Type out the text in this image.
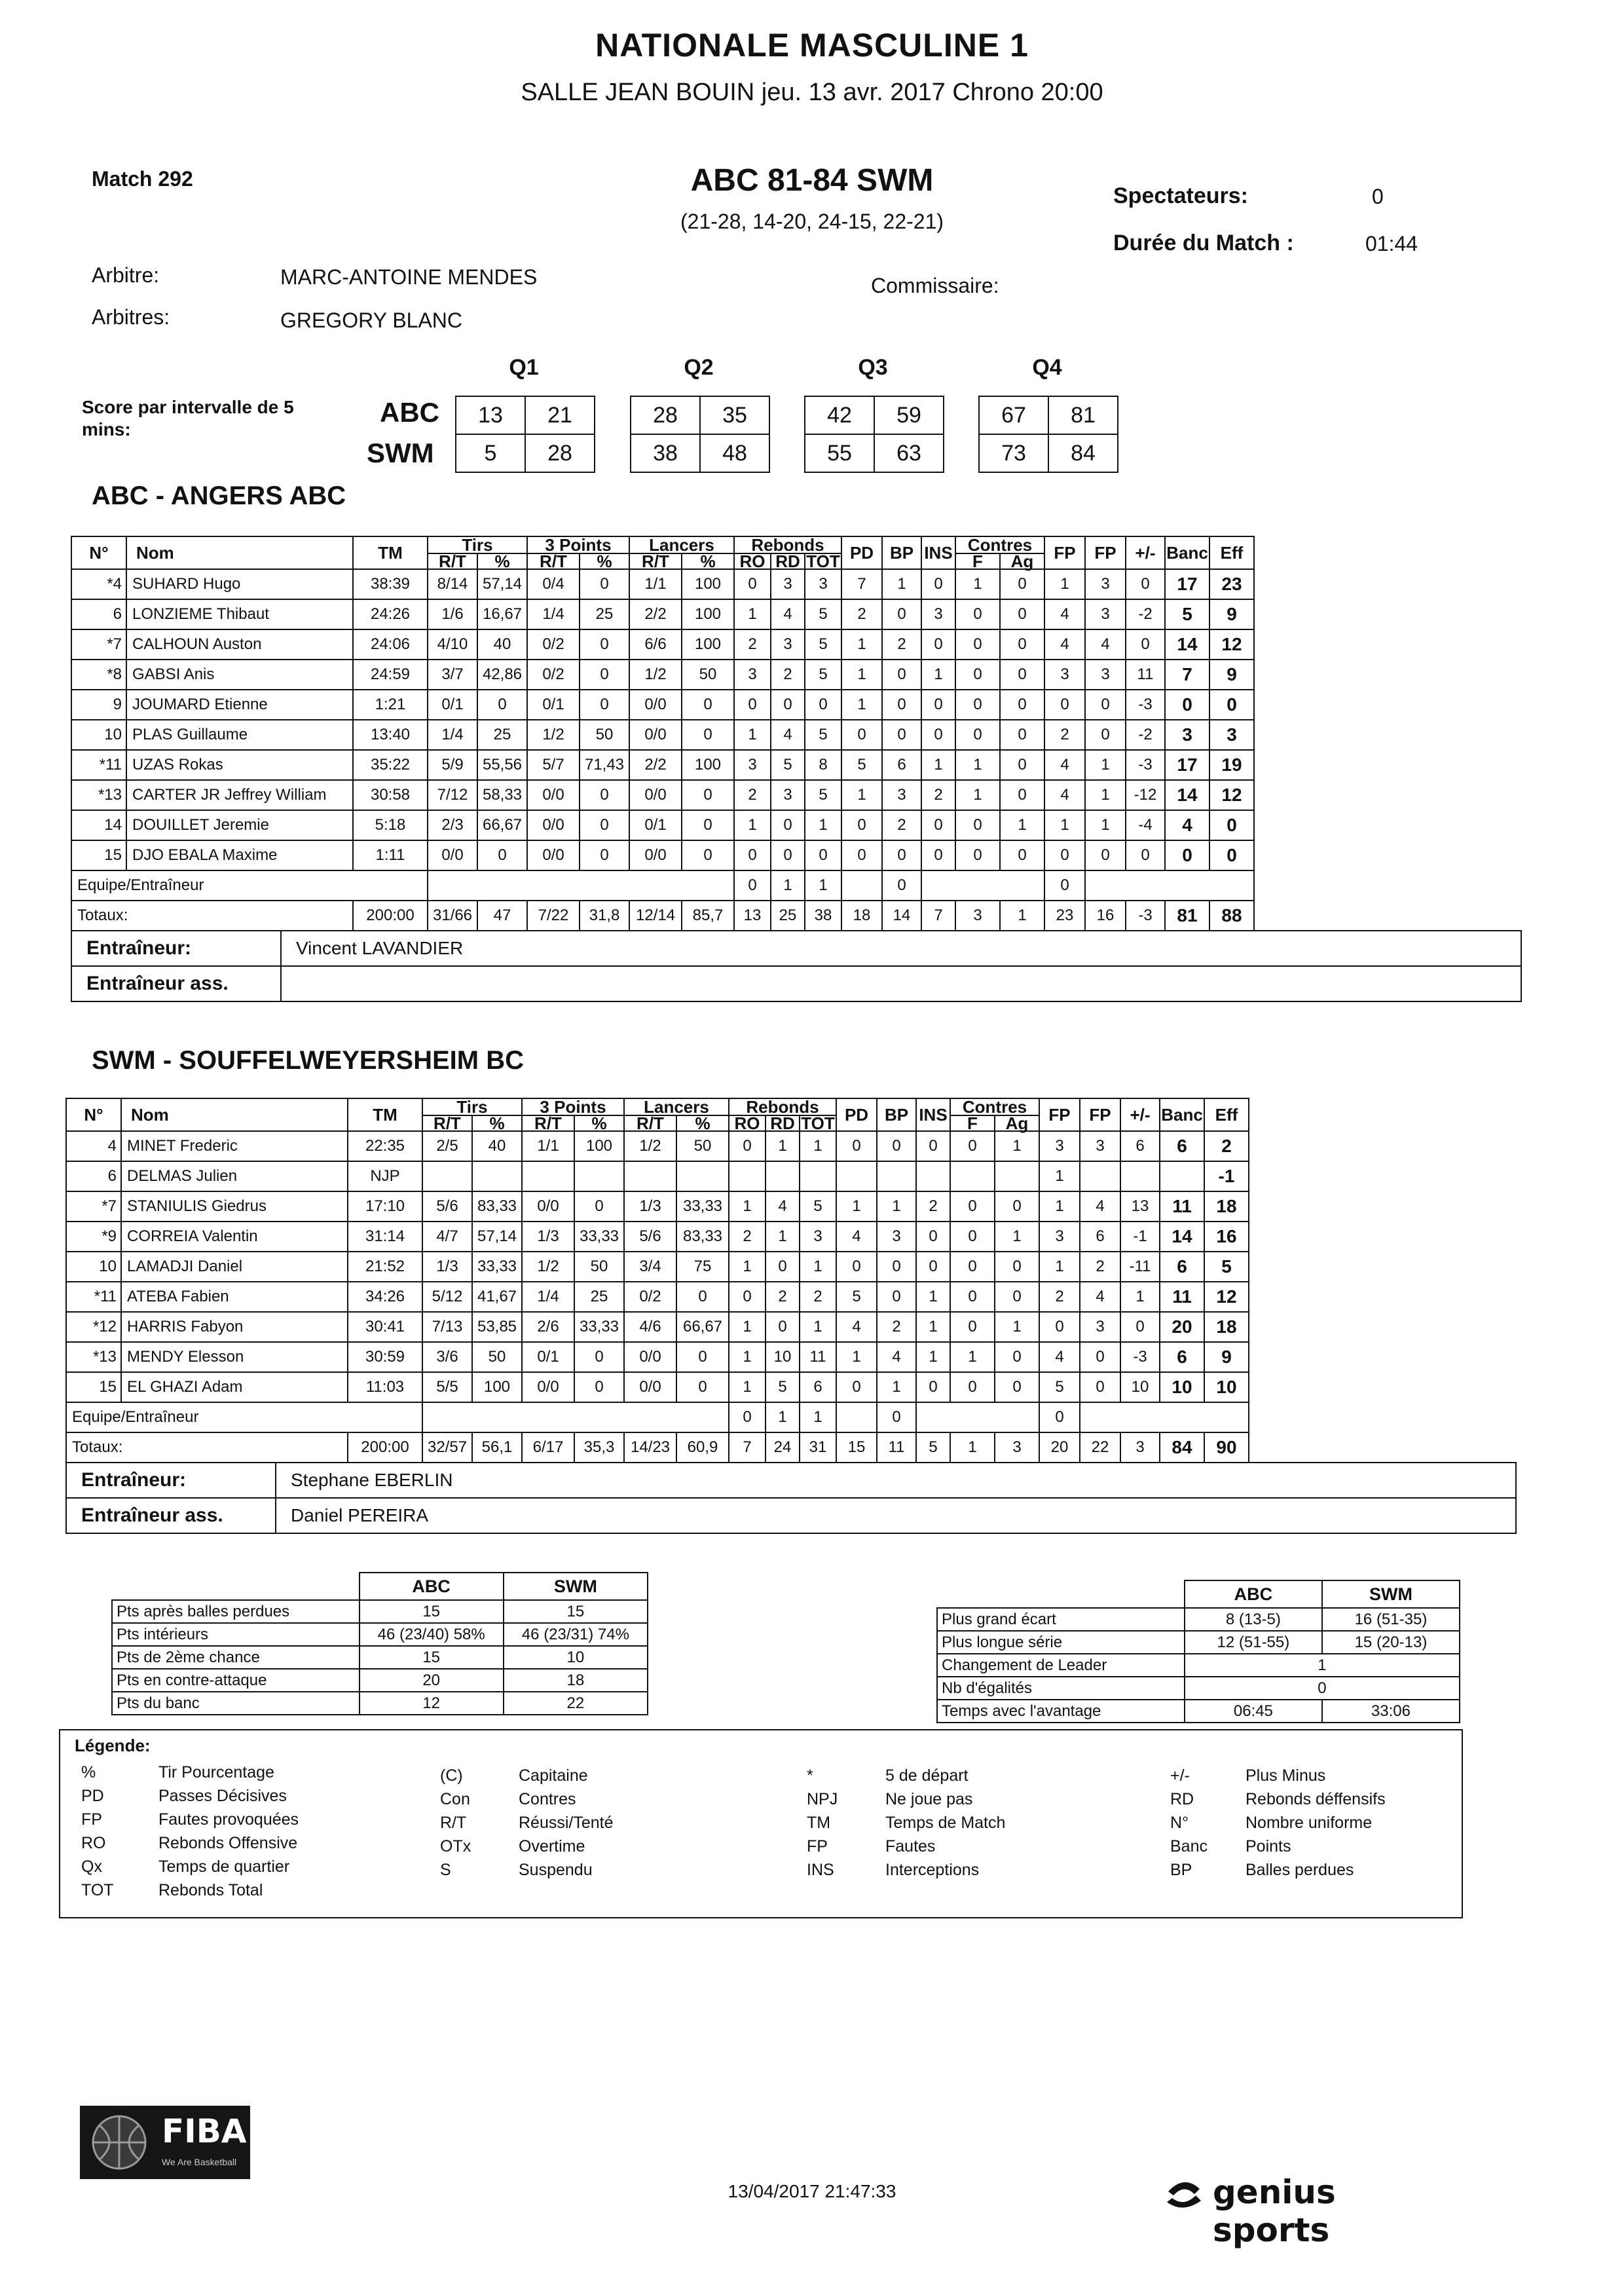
NATIONALE MASCULINE 1
SALLE JEAN BOUIN jeu. 13 avr. 2017 Chrono 20:00
Match 292	ABC 81-84 SWM
(21-28, 14-20, 24-15, 22-21)
Spectateurs:	0
Durée du Match :	01:44
Arbitre:	MARC-ANTOINE MENDES	Commissaire:
Arbitres:	GREGORY BLANC
Score par intervalle de 5
mins:
ABC
SWM
Q1
13	21
5	28
Q2
28	35
38	48
Q3
42	59
55	63
Q4
67	81
73	84
ABC - ANGERS ABC
N°	Nom	TM	Tirs		3 Points		Lancers		Rebonds			PD	BP	INS	Contres		FP	FP	+/-	Banc	Eff
			R/T	%	R/T	%	R/T	%	RO	RD	TOT				F	Ag					
*4	SUHARD Hugo	38:39	8/14	57,14	0/4	0	1/1	100	0	3	3	7	1	0	1	0	1	3	0	17	23
6	LONZIEME Thibaut	24:26	1/6	16,67	1/4	25	2/2	100	1	4	5	2	0	3	0	0	4	3	-2	5	9
*7	CALHOUN Auston	24:06	4/10	40	0/2	0	6/6	100	2	3	5	1	2	0	0	0	4	4	0	14	12
*8	GABSI Anis	24:59	3/7	42,86	0/2	0	1/2	50	3	2	5	1	0	1	0	0	3	3	11	7	9
9	JOUMARD Etienne	1:21	0/1	0	0/1	0	0/0	0	0	0	0	1	0	0	0	0	0	0	-3	0	0
10	PLAS Guillaume	13:40	1/4	25	1/2	50	0/0	0	1	4	5	0	0	0	0	0	2	0	-2	3	3
*11	UZAS Rokas	35:22	5/9	55,56	5/7	71,43	2/2	100	3	5	8	5	6	1	1	0	4	1	-3	17	19
*13	CARTER JR Jeffrey William	30:58	7/12	58,33	0/0	0	0/0	0	2	3	5	1	3	2	1	0	4	1	-12	14	12
14	DOUILLET Jeremie	5:18	2/3	66,67	0/0	0	0/1	0	1	0	1	0	2	0	0	1	1	1	-4	4	0
15	DJO EBALA Maxime	1:11	0/0	0	0/0	0	0/0	0	0	0	0	0	0	0	0	0	0	0	0	0	0
Equipe/Entraîneur									0	1	1		0				0				
Totaux:		200:00	31/66	47	7/22	31,8	12/14	85,7	13	25	38	18	14	7	3	1	23	16	-3	81	88
Entraîneur:	Vincent LAVANDIER
Entraîneur ass.	
SWM - SOUFFELWEYERSHEIM BC
N°	Nom	TM	Tirs		3 Points		Lancers		Rebonds			PD	BP	INS	Contres		FP	FP	+/-	Banc	Eff
			R/T	%	R/T	%	R/T	%	RO	RD	TOT				F	Ag					
4	MINET Frederic	22:35	2/5	40	1/1	100	1/2	50	0	1	1	0	0	0	0	1	3	3	6	6	2
6	DELMAS Julien	NJP															1				-1
*7	STANIULIS Giedrus	17:10	5/6	83,33	0/0	0	1/3	33,33	1	4	5	1	1	2	0	0	1	4	13	11	18
*9	CORREIA Valentin	31:14	4/7	57,14	1/3	33,33	5/6	83,33	2	1	3	4	3	0	0	1	3	6	-1	14	16
10	LAMADJI Daniel	21:52	1/3	33,33	1/2	50	3/4	75	1	0	1	0	0	0	0	0	1	2	-11	6	5
*11	ATEBA Fabien	34:26	5/12	41,67	1/4	25	0/2	0	0	2	2	5	0	1	0	0	2	4	1	11	12
*12	HARRIS Fabyon	30:41	7/13	53,85	2/6	33,33	4/6	66,67	1	0	1	4	2	1	0	1	0	3	0	20	18
*13	MENDY Elesson	30:59	3/6	50	0/1	0	0/0	0	1	10	11	1	4	1	1	0	4	0	-3	6	9
15	EL GHAZI Adam	11:03	5/5	100	0/0	0	0/0	0	1	5	6	0	1	0	0	0	5	0	10	10	10
Equipe/Entraîneur									0	1	1		0				0				
Totaux:		200:00	32/57	56,1	6/17	35,3	14/23	60,9	7	24	31	15	11	5	1	3	20	22	3	84	90
Entraîneur:	Stephane EBERLIN
Entraîneur ass.	Daniel PEREIRA
	ABC	SWM
Pts après balles perdues	15	15
Pts intérieurs	46 (23/40) 58%	46 (23/31) 74%
Pts de 2ème chance	15	10
Pts en contre-attaque	20	18
Pts du banc	12	22
	ABC	SWM
Plus grand écart	8 (13-5)	16 (51-35)
Plus longue série	12 (51-55)	15 (20-13)
Changement de Leader	1	
Nb d'égalités	0	
Temps avec l'avantage	06:45	33:06
Légende:
%	Tir Pourcentage
PD	Passes Décisives
FP	Fautes provoquées
RO	Rebonds Offensive
Qx	Temps de quartier
TOT	Rebonds Total
(C)	Capitaine
Con	Contres
R/T	Réussi/Tenté
OTx	Overtime
S	Suspendu
*	5 de départ
NPJ	Ne joue pas
TM	Temps de Match
FP	Fautes
INS	Interceptions
+/-	Plus Minus
RD	Rebonds déffensifs
N°	Nombre uniforme
Banc Points
BP	Balles perdues
FIBA
We Are Basketball
13/04/2017 21:47:33	genius sports
